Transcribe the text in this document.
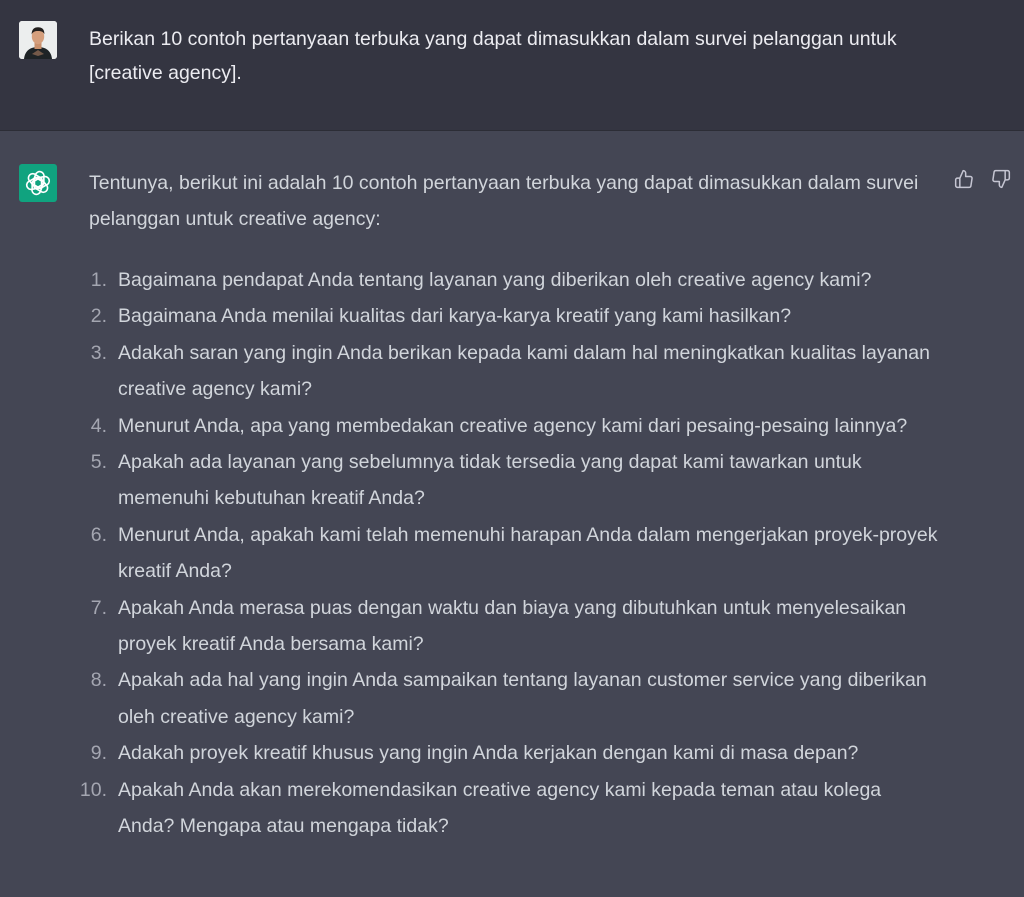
Berikan 10 contoh pertanyaan terbuka yang dapat dimasukkan dalam survei pelanggan untuk [creative agency].

Tentunya, berikut ini adalah 10 contoh pertanyaan terbuka yang dapat dimasukkan dalam survei pelanggan untuk creative agency:

1. Bagaimana pendapat Anda tentang layanan yang diberikan oleh creative agency kami?
2. Bagaimana Anda menilai kualitas dari karya-karya kreatif yang kami hasilkan?
3. Adakah saran yang ingin Anda berikan kepada kami dalam hal meningkatkan kualitas layanan creative agency kami?
4. Menurut Anda, apa yang membedakan creative agency kami dari pesaing-pesaing lainnya?
5. Apakah ada layanan yang sebelumnya tidak tersedia yang dapat kami tawarkan untuk memenuhi kebutuhan kreatif Anda?
6. Menurut Anda, apakah kami telah memenuhi harapan Anda dalam mengerjakan proyek-proyek kreatif Anda?
7. Apakah Anda merasa puas dengan waktu dan biaya yang dibutuhkan untuk menyelesaikan proyek kreatif Anda bersama kami?
8. Apakah ada hal yang ingin Anda sampaikan tentang layanan customer service yang diberikan oleh creative agency kami?
9. Adakah proyek kreatif khusus yang ingin Anda kerjakan dengan kami di masa depan?
10. Apakah Anda akan merekomendasikan creative agency kami kepada teman atau kolega Anda? Mengapa atau mengapa tidak?
